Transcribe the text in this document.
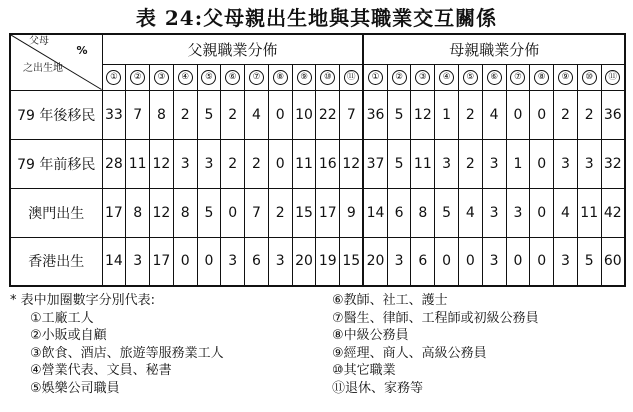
表 24:父母親出生地與其職業交互關係
父母
%
之出生地	父親職業分佈											母親職業分佈										
	①	②	③	④	⑤	⑥	⑦	⑧	⑨	⑩	⑪	①	②	③	④	⑤	⑥	⑦	⑧	⑨	⑩	⑪
79 年後移民	33	7	8	2	5	2	4	0	10	22	7	36	5	12	1	2	4	0	0	2	2	36
79 年前移民	28	11	12	3	3	2	2	0	11	16	12	37	5	11	3	2	3	1	0	3	3	32
澳門出生	17	8	12	8	5	0	7	2	15	17	9	14	6	8	5	4	3	3	0	4	11	42
香港出生	14	3	17	0	0	3	6	3	20	19	15	20	3	6	0	0	3	0	0	3	5	60
* 表中加圈數字分別代表:
①工廠工人
②小販或自顧
③飲食、酒店、旅遊等服務業工人
④營業代表、文員、秘書
⑤娛樂公司職員
⑥教師、社工、護士
⑦醫生、律師、工程師或初級公務員
⑧中級公務員
⑨經理、商人、高級公務員
⑩其它職業
⑪退休、家務等
